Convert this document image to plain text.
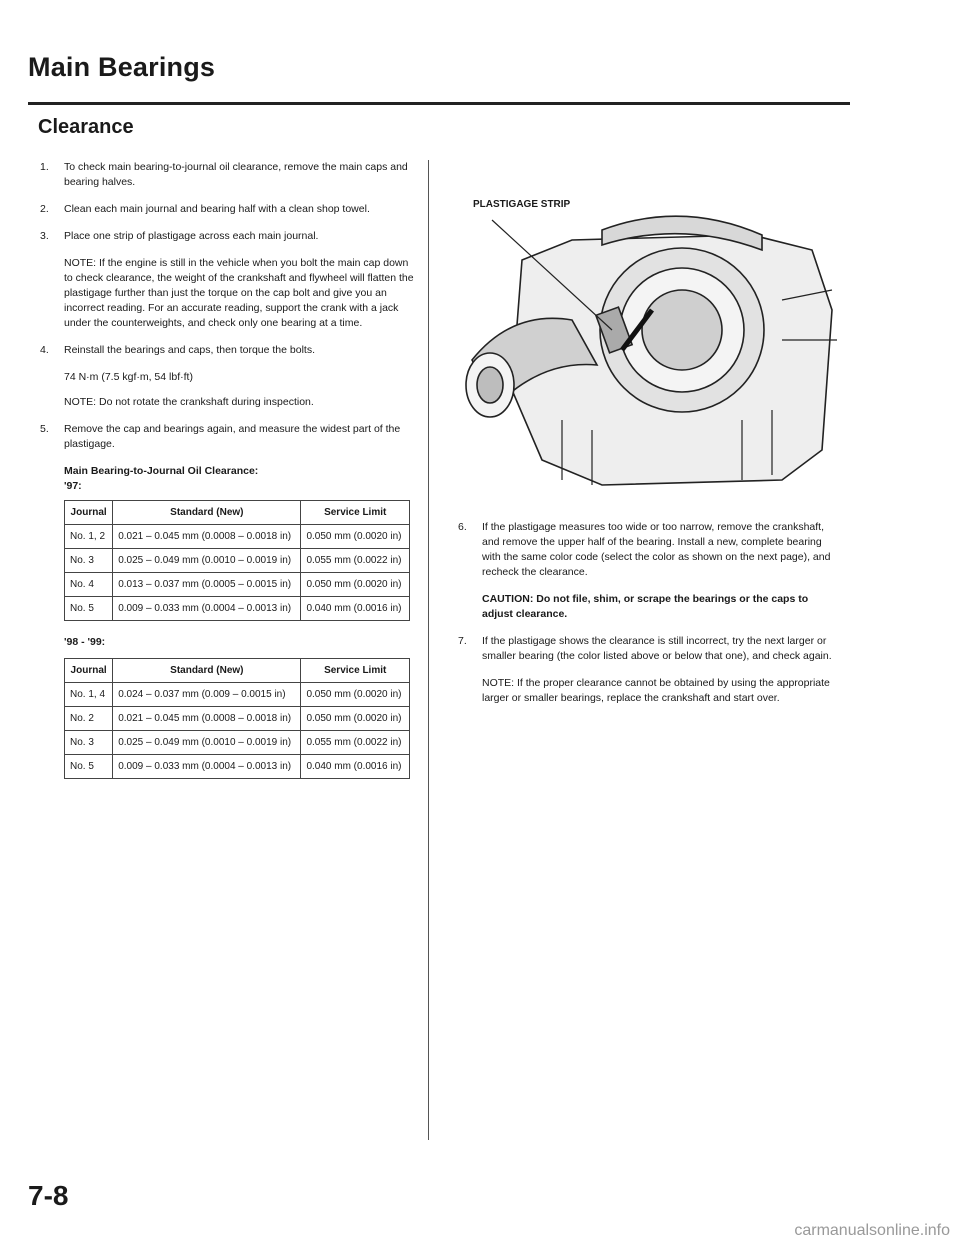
Main Bearings
Clearance
1.	To check main bearing-to-journal oil clearance, remove the main caps and bearing halves.
2.	Clean each main journal and bearing half with a clean shop towel.
3.	Place one strip of plastigage across each main journal.
NOTE: If the engine is still in the vehicle when you bolt the main cap down to check clearance, the weight of the crankshaft and flywheel will flatten the plastigage further than just the torque on the cap bolt and give you an incorrect reading. For an accurate reading, support the crank with a jack under the counterweights, and check only one bearing at a time.
4.	Reinstall the bearings and caps, then torque the bolts.
74 N·m (7.5 kgf·m, 54 lbf·ft)
NOTE: Do not rotate the crankshaft during inspection.
5.	Remove the cap and bearings again, and measure the widest part of the plastigage.
Main Bearing-to-Journal Oil Clearance:
'97:
Journal	Standard (New)	Service Limit
No. 1, 2	0.021 – 0.045 mm (0.0008 – 0.0018 in)	0.050 mm (0.0020 in)
No. 3	0.025 – 0.049 mm (0.0010 – 0.0019 in)	0.055 mm (0.0022 in)
No. 4	0.013 – 0.037 mm (0.0005 – 0.0015 in)	0.050 mm (0.0020 in)
No. 5	0.009 – 0.033 mm (0.0004 – 0.0013 in)	0.040 mm (0.0016 in)
'98 - '99:
Journal	Standard (New)	Service Limit
No. 1, 4	0.024 – 0.037 mm (0.009 – 0.0015 in)	0.050 mm (0.0020 in)
No. 2	0.021 – 0.045 mm (0.0008 – 0.0018 in)	0.050 mm (0.0020 in)
No. 3	0.025 – 0.049 mm (0.0010 – 0.0019 in)	0.055 mm (0.0022 in)
No. 5	0.009 – 0.033 mm (0.0004 – 0.0013 in)	0.040 mm (0.0016 in)
PLASTIGAGE STRIP
6.	If the plastigage measures too wide or too narrow, remove the crankshaft, and remove the upper half of the bearing. Install a new, complete bearing with the same color code (select the color as shown on the next page), and recheck the clearance.
CAUTION: Do not file, shim, or scrape the bearings or the caps to adjust clearance.
7.	If the plastigage shows the clearance is still incorrect, try the next larger or smaller bearing (the color listed above or below that one), and check again.
NOTE: If the proper clearance cannot be obtained by using the appropriate larger or smaller bearings, replace the crankshaft and start over.
7-8
carmanualsonline.info
